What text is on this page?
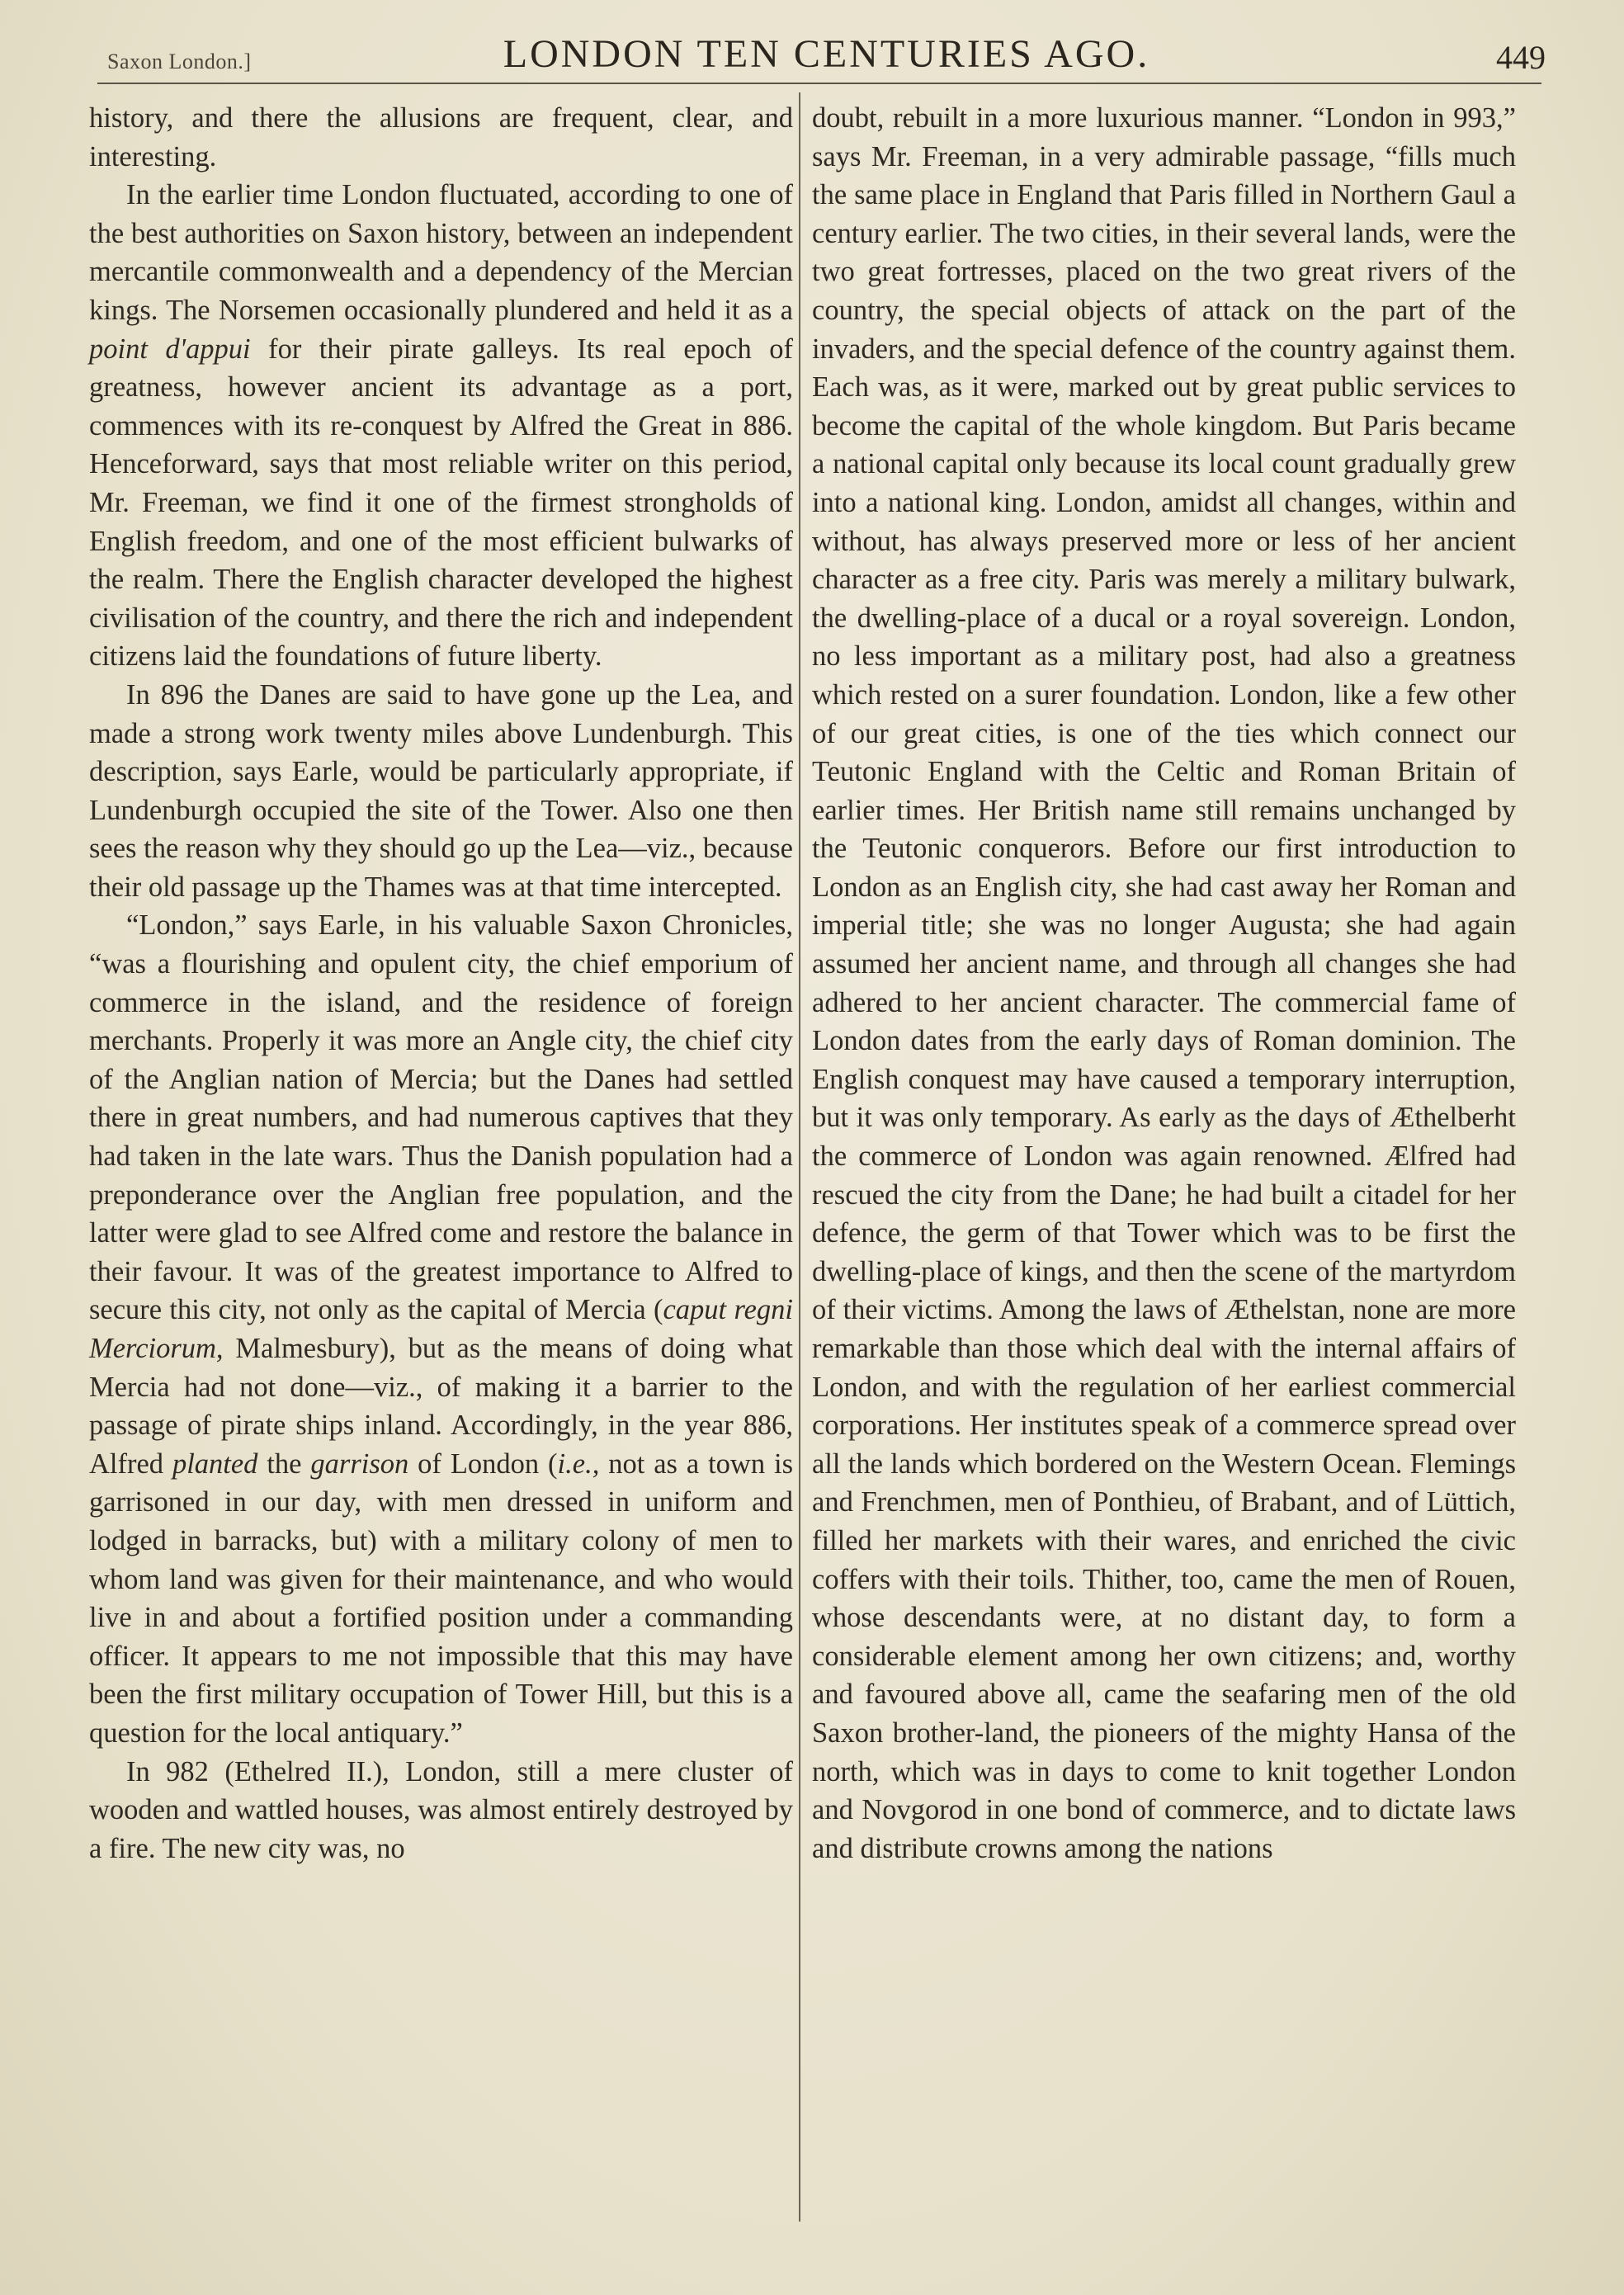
Saxon London.]	LONDON TEN CENTURIES AGO.	449

history, and there the allusions are frequent, clear, and interesting.

In the earlier time London fluctuated, according to one of the best authorities on Saxon history, between an independent mercantile commonwealth and a dependency of the Mercian kings. The Norsemen occasionally plundered and held it as a point d'appui for their pirate galleys. Its real epoch of greatness, however ancient its advantage as a port, commences with its re-conquest by Alfred the Great in 886. Henceforward, says that most reliable writer on this period, Mr. Freeman, we find it one of the firmest strongholds of English freedom, and one of the most efficient bulwarks of the realm. There the English character developed the highest civilisation of the country, and there the rich and independent citizens laid the foundations of future liberty.

In 896 the Danes are said to have gone up the Lea, and made a strong work twenty miles above Lundenburgh. This description, says Earle, would be particularly appropriate, if Lundenburgh occupied the site of the Tower. Also one then sees the reason why they should go up the Lea—viz., because their old passage up the Thames was at that time intercepted.

“London,” says Earle, in his valuable Saxon Chronicles, “was a flourishing and opulent city, the chief emporium of commerce in the island, and the residence of foreign merchants. Properly it was more an Angle city, the chief city of the Anglian nation of Mercia; but the Danes had settled there in great numbers, and had numerous captives that they had taken in the late wars. Thus the Danish population had a preponderance over the Anglian free population, and the latter were glad to see Alfred come and restore the balance in their favour. It was of the greatest importance to Alfred to secure this city, not only as the capital of Mercia (caput regni Merciorum, Malmesbury), but as the means of doing what Mercia had not done—viz., of making it a barrier to the passage of pirate ships inland. Accordingly, in the year 886, Alfred planted the garrison of London (i.e., not as a town is garrisoned in our day, with men dressed in uniform and lodged in barracks, but) with a military colony of men to whom land was given for their maintenance, and who would live in and about a fortified position under a commanding officer. It appears to me not impossible that this may have been the first military occupation of Tower Hill, but this is a question for the local antiquary.”

In 982 (Ethelred II.), London, still a mere cluster of wooden and wattled houses, was almost entirely destroyed by a fire. The new city was, no

doubt, rebuilt in a more luxurious manner. “London in 993,” says Mr. Freeman, in a very admirable passage, “fills much the same place in England that Paris filled in Northern Gaul a century earlier. The two cities, in their several lands, were the two great fortresses, placed on the two great rivers of the country, the special objects of attack on the part of the invaders, and the special defence of the country against them. Each was, as it were, marked out by great public services to become the capital of the whole kingdom. But Paris became a national capital only because its local count gradually grew into a national king. London, amidst all changes, within and without, has always preserved more or less of her ancient character as a free city. Paris was merely a military bulwark, the dwelling-place of a ducal or a royal sovereign. London, no less important as a military post, had also a greatness which rested on a surer foundation. London, like a few other of our great cities, is one of the ties which connect our Teutonic England with the Celtic and Roman Britain of earlier times. Her British name still remains unchanged by the Teutonic conquerors. Before our first introduction to London as an English city, she had cast away her Roman and imperial title; she was no longer Augusta; she had again assumed her ancient name, and through all changes she had adhered to her ancient character. The commercial fame of London dates from the early days of Roman dominion. The English conquest may have caused a temporary interruption, but it was only temporary. As early as the days of Æthelberht the commerce of London was again renowned. Ælfred had rescued the city from the Dane; he had built a citadel for her defence, the germ of that Tower which was to be first the dwelling-place of kings, and then the scene of the martyrdom of their victims. Among the laws of Æthelstan, none are more remarkable than those which deal with the internal affairs of London, and with the regulation of her earliest commercial corporations. Her institutes speak of a commerce spread over all the lands which bordered on the Western Ocean. Flemings and Frenchmen, men of Ponthieu, of Brabant, and of Lüttich, filled her markets with their wares, and enriched the civic coffers with their toils. Thither, too, came the men of Rouen, whose descendants were, at no distant day, to form a considerable element among her own citizens; and, worthy and favoured above all, came the seafaring men of the old Saxon brother-land, the pioneers of the mighty Hansa of the north, which was in days to come to knit together London and Novgorod in one bond of commerce, and to dictate laws and distribute crowns among the nations
